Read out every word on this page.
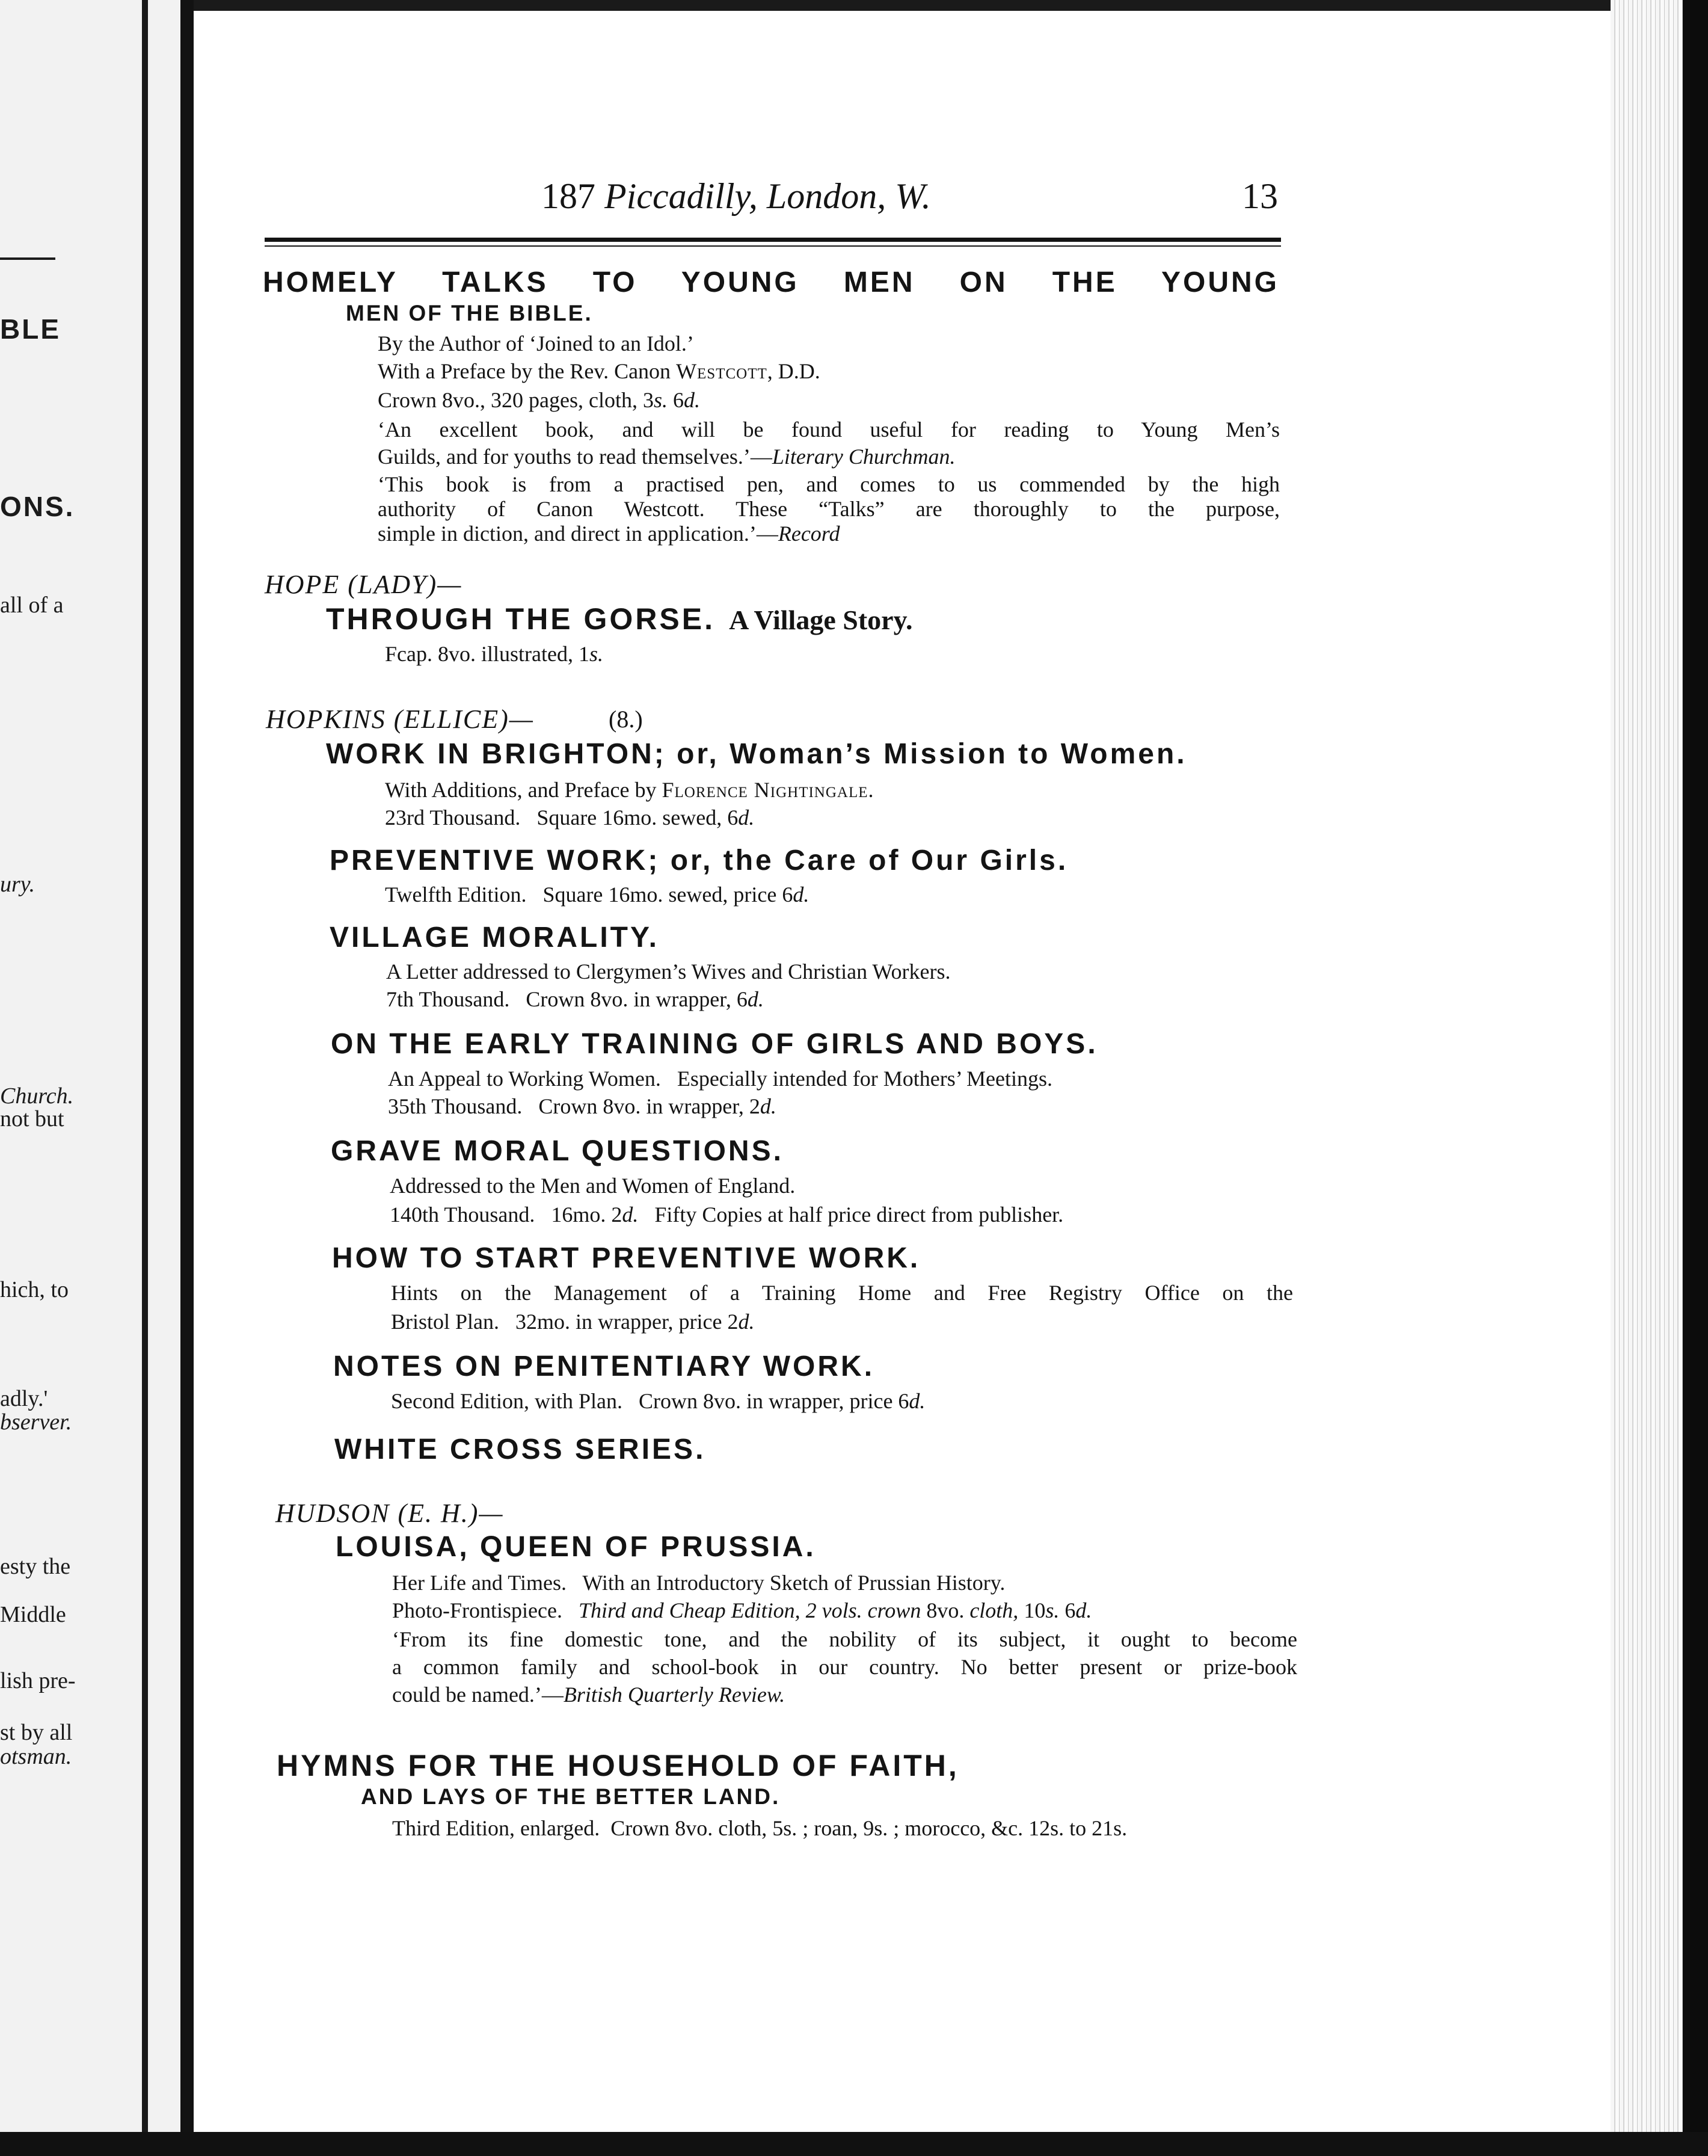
BLE
ONS.
all of a
ury.
Church.
not but
hich, to
adly.'
bserver.
esty the
Middle
lish pre-
st by all
otsman.
187 Piccadilly, London, W.	13
HOMELY TALKS TO YOUNG MEN ON THE YOUNG
MEN OF THE BIBLE.
By the Author of ‘Joined to an Idol.’
With a Preface by the Rev. Canon Westcott, D.D.
Crown 8vo., 320 pages, cloth, 3s. 6d.
‘An excellent book, and will be found useful for reading to Young Men’s
Guilds, and for youths to read themselves.’—Literary Churchman.
‘This book is from a practised pen, and comes to us commended by the high
authority of Canon Westcott. These “Talks” are thoroughly to the purpose,
simple in diction, and direct in application.’—Record
HOPE (LADY)—
THROUGH THE GORSE. A Village Story.
Fcap. 8vo. illustrated, 1s.
HOPKINS (ELLICE)—	(8.)
WORK IN BRIGHTON; or, Woman’s Mission to Women.
With Additions, and Preface by Florence Nightingale.
23rd Thousand.   Square 16mo. sewed, 6d.
PREVENTIVE WORK; or, the Care of Our Girls.
Twelfth Edition.   Square 16mo. sewed, price 6d.
VILLAGE MORALITY.
A Letter addressed to Clergymen’s Wives and Christian Workers.
7th Thousand.   Crown 8vo. in wrapper, 6d.
ON THE EARLY TRAINING OF GIRLS AND BOYS.
An Appeal to Working Women.   Especially intended for Mothers’ Meetings.
35th Thousand.   Crown 8vo. in wrapper, 2d.
GRAVE MORAL QUESTIONS.
Addressed to the Men and Women of England.
140th Thousand.   16mo. 2d.   Fifty Copies at half price direct from publisher.
HOW TO START PREVENTIVE WORK.
Hints on the Management of a Training Home and Free Registry Office on the
Bristol Plan.   32mo. in wrapper, price 2d.
NOTES ON PENITENTIARY WORK.
Second Edition, with Plan.   Crown 8vo. in wrapper, price 6d.
WHITE CROSS SERIES.
HUDSON (E. H.)—
LOUISA, QUEEN OF PRUSSIA.
Her Life and Times.   With an Introductory Sketch of Prussian History.
Photo-Frontispiece. Third and Cheap Edition, 2 vols. crown 8vo. cloth, 10s. 6d.
‘From its fine domestic tone, and the nobility of its subject, it ought to become
a common family and school-book in our country. No better present or prize-book
could be named.’—British Quarterly Review.
HYMNS FOR THE HOUSEHOLD OF FAITH,
AND LAYS OF THE BETTER LAND.
Third Edition, enlarged.  Crown 8vo. cloth, 5s. ; roan, 9s. ; morocco, &c. 12s. to 21s.
